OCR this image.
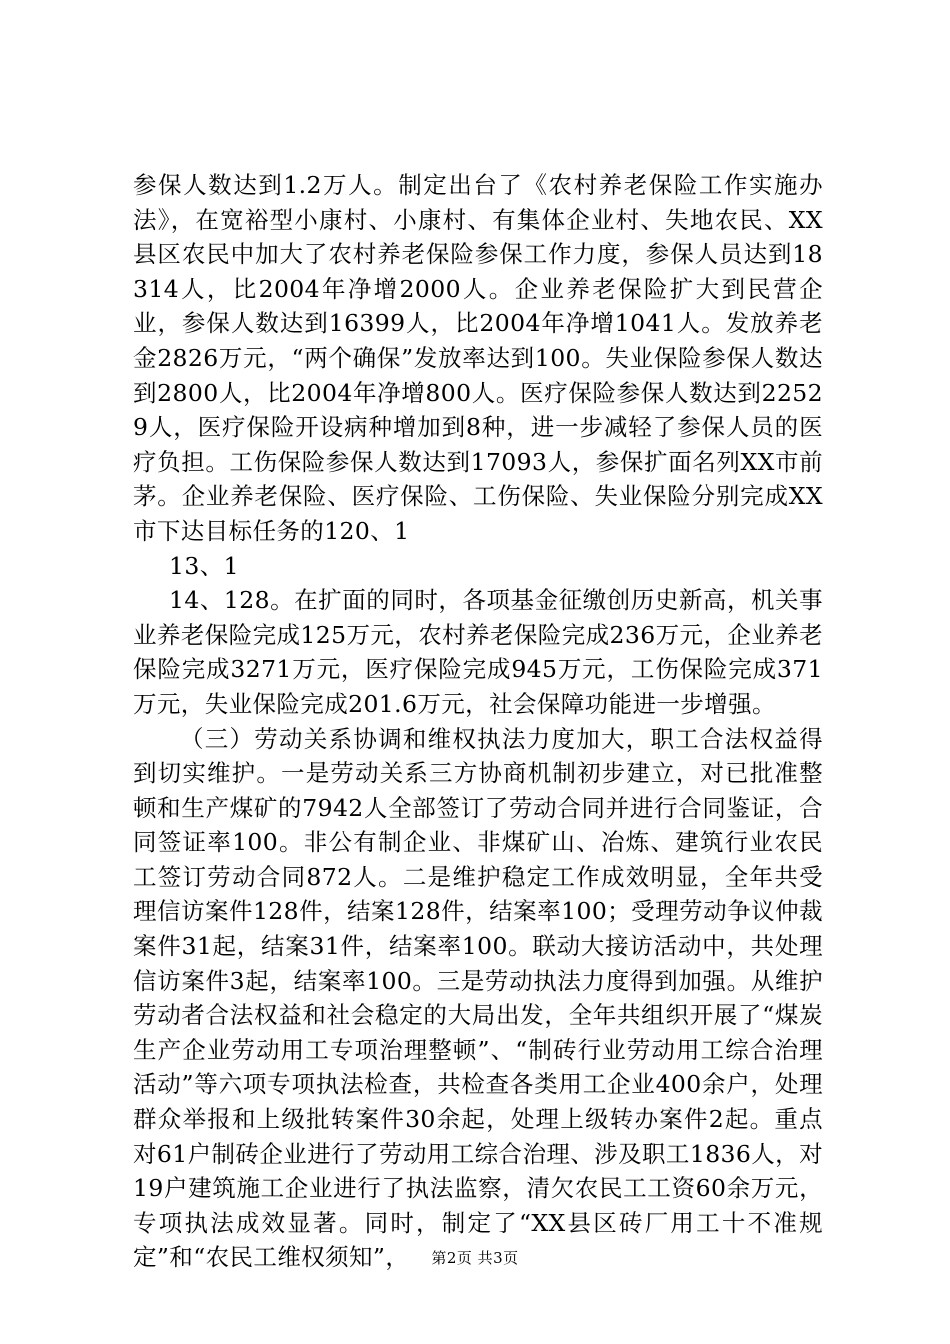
参保人数达到1.2万人。制定出台了《农村养老保险工作实施办法》，在宽裕型小康村、小康村、有集体企业村、失地农民、XX县区农民中加大了农村养老保险参保工作力度，参保人员达到18314人，比2004年净增2000人。企业养老保险扩大到民营企业，参保人数达到16399人，比2004年净增1041人。发放养老金2826万元，“两个确保”发放率达到100。失业保险参保人数达到2800人，比2004年净增800人。医疗保险参保人数达到22529人，医疗保险开设病种增加到8种，进一步减轻了参保人员的医疗负担。工伤保险参保人数达到17093人，参保扩面名列XX市前茅。企业养老保险、医疗保险、工伤保险、失业保险分别完成XX市下达目标任务的120、1

13、1

14、128。在扩面的同时，各项基金征缴创历史新高，机关事业养老保险完成125万元，农村养老保险完成236万元，企业养老保险完成3271万元，医疗保险完成945万元，工伤保险完成371万元，失业保险完成201.6万元，社会保障功能进一步增强。

（三）劳动关系协调和维权执法力度加大，职工合法权益得到切实维护。一是劳动关系三方协商机制初步建立，对已批准整顿和生产煤矿的7942人全部签订了劳动合同并进行合同鉴证，合同签证率100。非公有制企业、非煤矿山、冶炼、建筑行业农民工签订劳动合同872人。二是维护稳定工作成效明显，全年共受理信访案件128件，结案128件，结案率100；受理劳动争议仲裁案件31起，结案31件，结案率100。联动大接访活动中，共处理信访案件3起，结案率100。三是劳动执法力度得到加强。从维护劳动者合法权益和社会稳定的大局出发，全年共组织开展了“煤炭生产企业劳动用工专项治理整顿”、“制砖行业劳动用工综合治理活动”等六项专项执法检查，共检查各类用工企业400余户，处理群众举报和上级批转案件30余起，处理上级转办案件2起。重点对61户制砖企业进行了劳动用工综合治理、涉及职工1836人，对19户建筑施工企业进行了执法监察，清欠农民工工资60余万元，专项执法成效显著。同时，制定了“XX县区砖厂用工十不准规定”和“农民工维权须知”，	第2页 共3页
